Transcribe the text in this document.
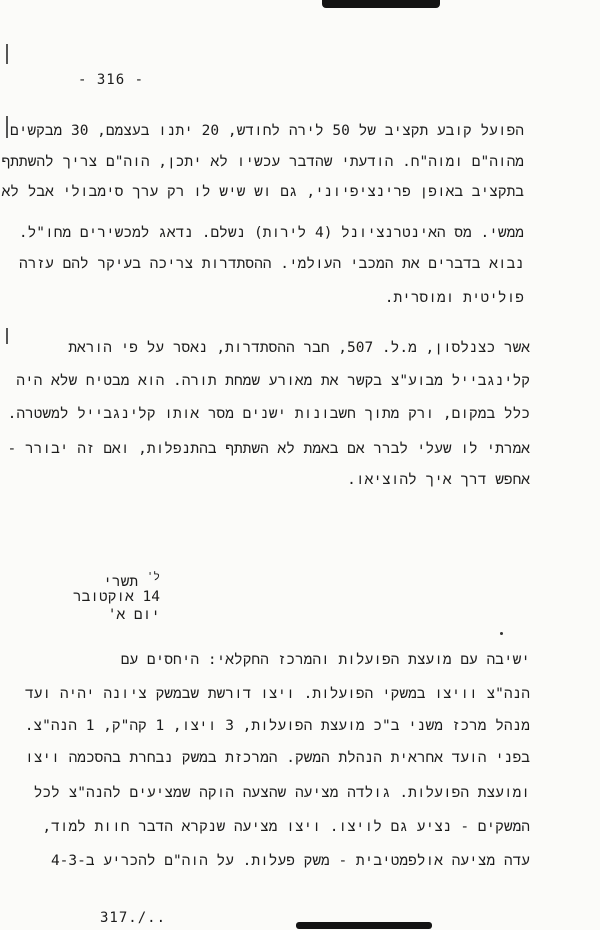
- 316 -
הפועל קובע תקציב של 50 לירה לחודש, 20 יתנו בעצמם, 30 מבקשים
מהוה"ם ומוה"ח. הודעתי שהדבר עכשיו לא יתכן, הוה"ם צריך להשתתף
בתקציב באופן פרינציפיוני, גם וש שיש לו רק ערך סימבולי אבל לא
ממשי. מס האינטרנציונל (4 לירות) נשלם. נדאג למכשירים מחו"ל.
נבוא בדברים את המכבי העולמי. ההסתדרות צריכה בעיקר להם עזרה
פוליטית ומוסרית.
אשר כצנלסון, מ.ל. 507, חבר ההסתדרות, נאסר על פי הוראת
קלינגבייל מבוע"צ בקשר את מאורע שמחת תורה. הוא מבטיח שלא היה
כלל במקום, ורק מתוך חשבונות ישנים מסר אותו קלינגבייל למשטרה.
אמרתי לו שעלי לברר אם באמת לא השתתף בהתנפלות, ואם זה יבורר -
אחפש דרך איך להוציאו.
$^{ל'}$ תשרי
14 אוקטובר
יום א'
ישיבה עם מועצת הפועלות והמרכז החקלאי: היחסים עם
הנה"צ וויצו במשקי הפועלות. ויצו דורשת שבמשק ציונה יהיה ועד
מנהל מרכז משני ב"כ מועצת הפועלות, 3 ויצו, 1 קה"ק, 1 הנה"צ.
בפני הועד אחראית הנהלת המשק. המרכזת במשק נבחרת בהסכמה ויצו
ומועצת הפועלות. גולדה מציעה שהצעה הוקה שמציעים להנה"צ לכל
המשקים - נציע גם לויצו. ויצו מציעה שנקרא הדבר חוות למוד,
עדה מציעה אולפמטיבית - משק פעלות. על הוה"ם להכריע ב-4-3
317./..
